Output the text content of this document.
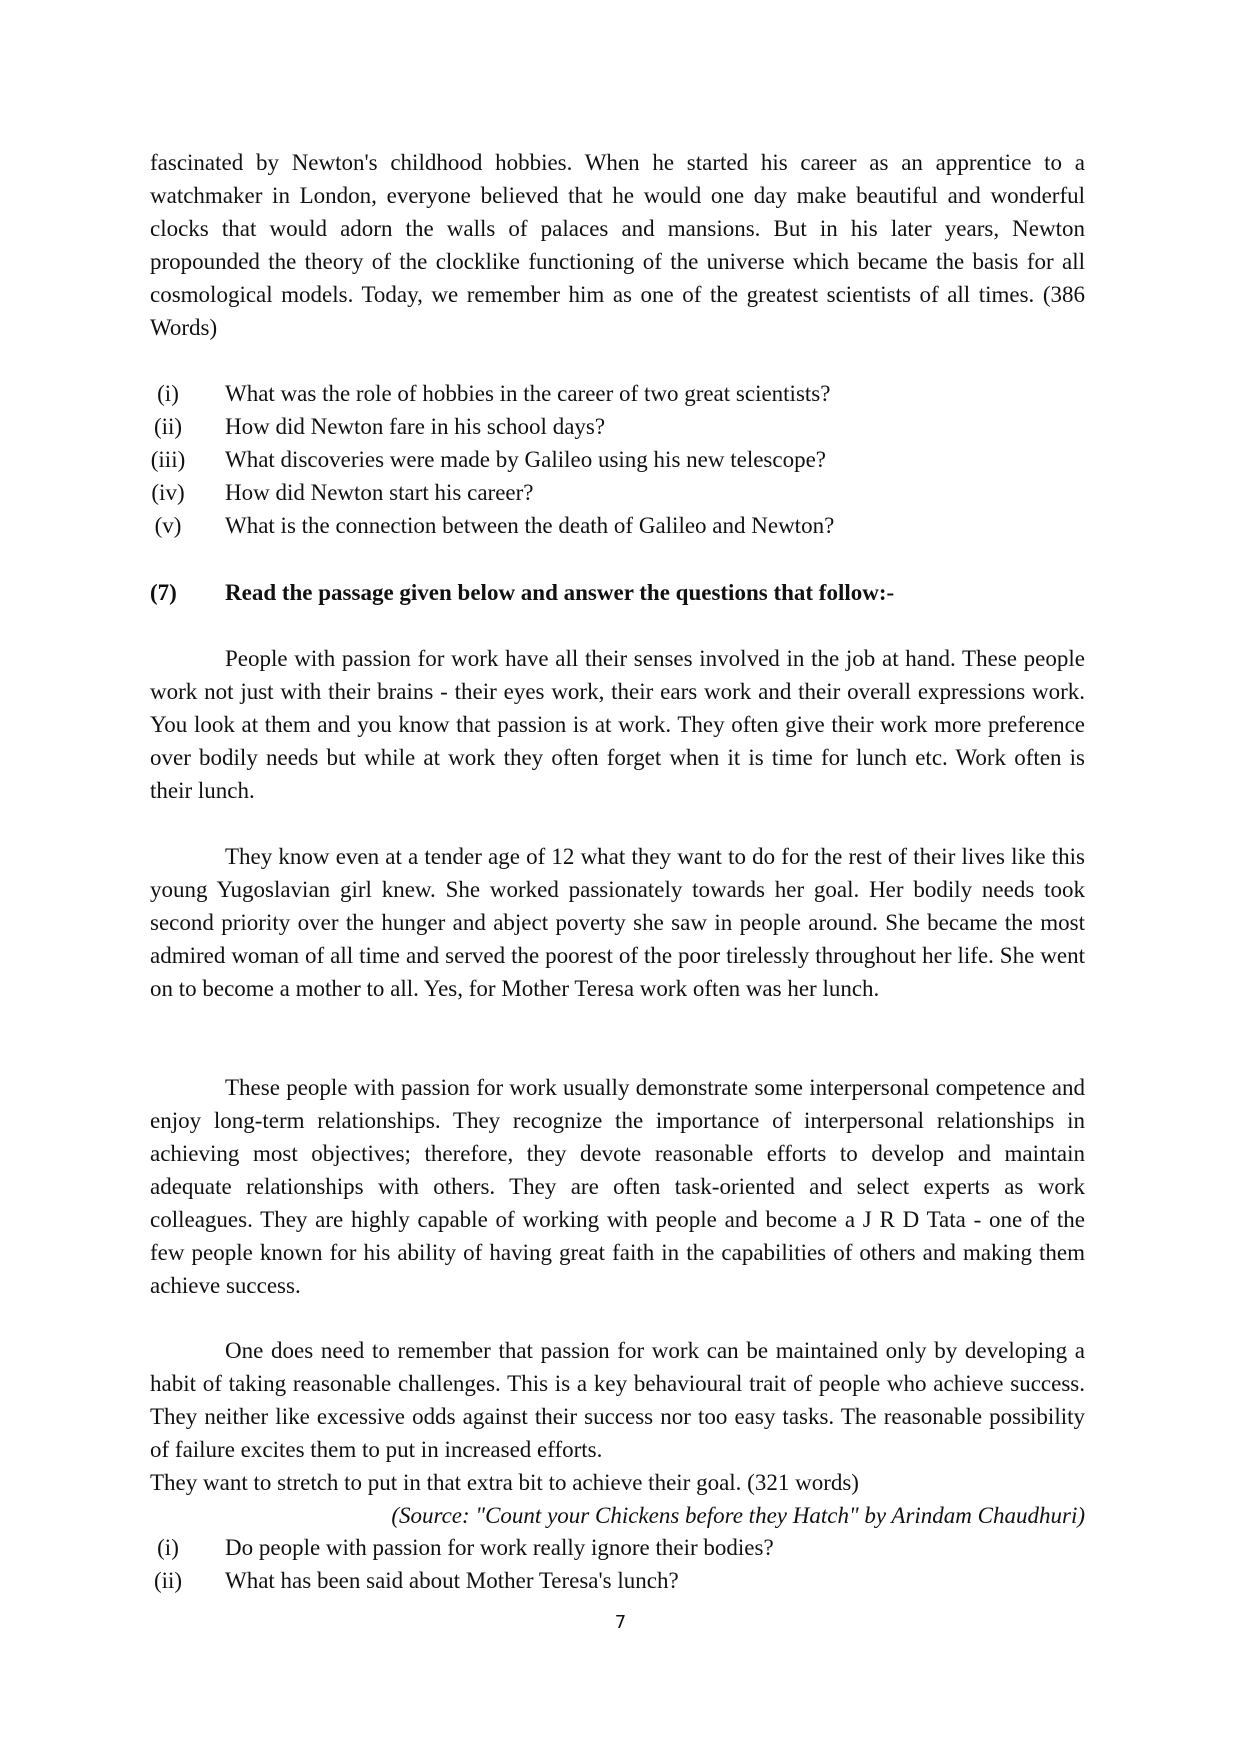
fascinated by Newton's childhood hobbies. When he started his career as an apprentice to a watchmaker in London, everyone believed that he would one day make beautiful and wonderful clocks that would adorn the walls of palaces and mansions. But in his later years, Newton propounded the theory of the clocklike functioning of the universe which became the basis for all cosmological models. Today, we remember him as one of the greatest scientists of all times. (386 Words)

(i)	What was the role of hobbies in the career of two great scientists?
(ii) How did Newton fare in his school days?
(iii) What discoveries were made by Galileo using his new telescope?
(iv) How did Newton start his career?
(v) What is the connection between the death of Galileo and Newton?
(7) Read the passage given below and answer the questions that follow:-

People with passion for work have all their senses involved in the job at hand. These people work not just with their brains - their eyes work, their ears work and their overall expressions work. You look at them and you know that passion is at work. They often give their work more preference over bodily needs but while at work they often forget when it is time for lunch etc. Work often is their lunch.

They know even at a tender age of 12 what they want to do for the rest of their lives like this young Yugoslavian girl knew. She worked passionately towards her goal. Her bodily needs took second priority over the hunger and abject poverty she saw in people around. She became the most admired woman of all time and served the poorest of the poor tirelessly throughout her life. She went on to become a mother to all. Yes, for Mother Teresa work often was her lunch.

These people with passion for work usually demonstrate some interpersonal competence and enjoy long-term relationships. They recognize the importance of interpersonal relationships in achieving most objectives; therefore, they devote reasonable efforts to develop and maintain adequate relationships with others. They are often task-oriented and select experts as work colleagues. They are highly capable of working with people and become a J R D Tata - one of the few people known for his ability of having great faith in the capabilities of others and making them achieve success.

One does need to remember that passion for work can be maintained only by developing a habit of taking reasonable challenges. This is a key behavioural trait of people who achieve success. They neither like excessive odds against their success nor too easy tasks. The reasonable possibility of failure excites them to put in increased efforts.

They want to stretch to put in that extra bit to achieve their goal. (321 words)

(Source: "Count your Chickens before they Hatch" by Arindam Chaudhuri)

(i)	Do people with passion for work really ignore their bodies?
(ii) What has been said about Mother Teresa's lunch?
7
